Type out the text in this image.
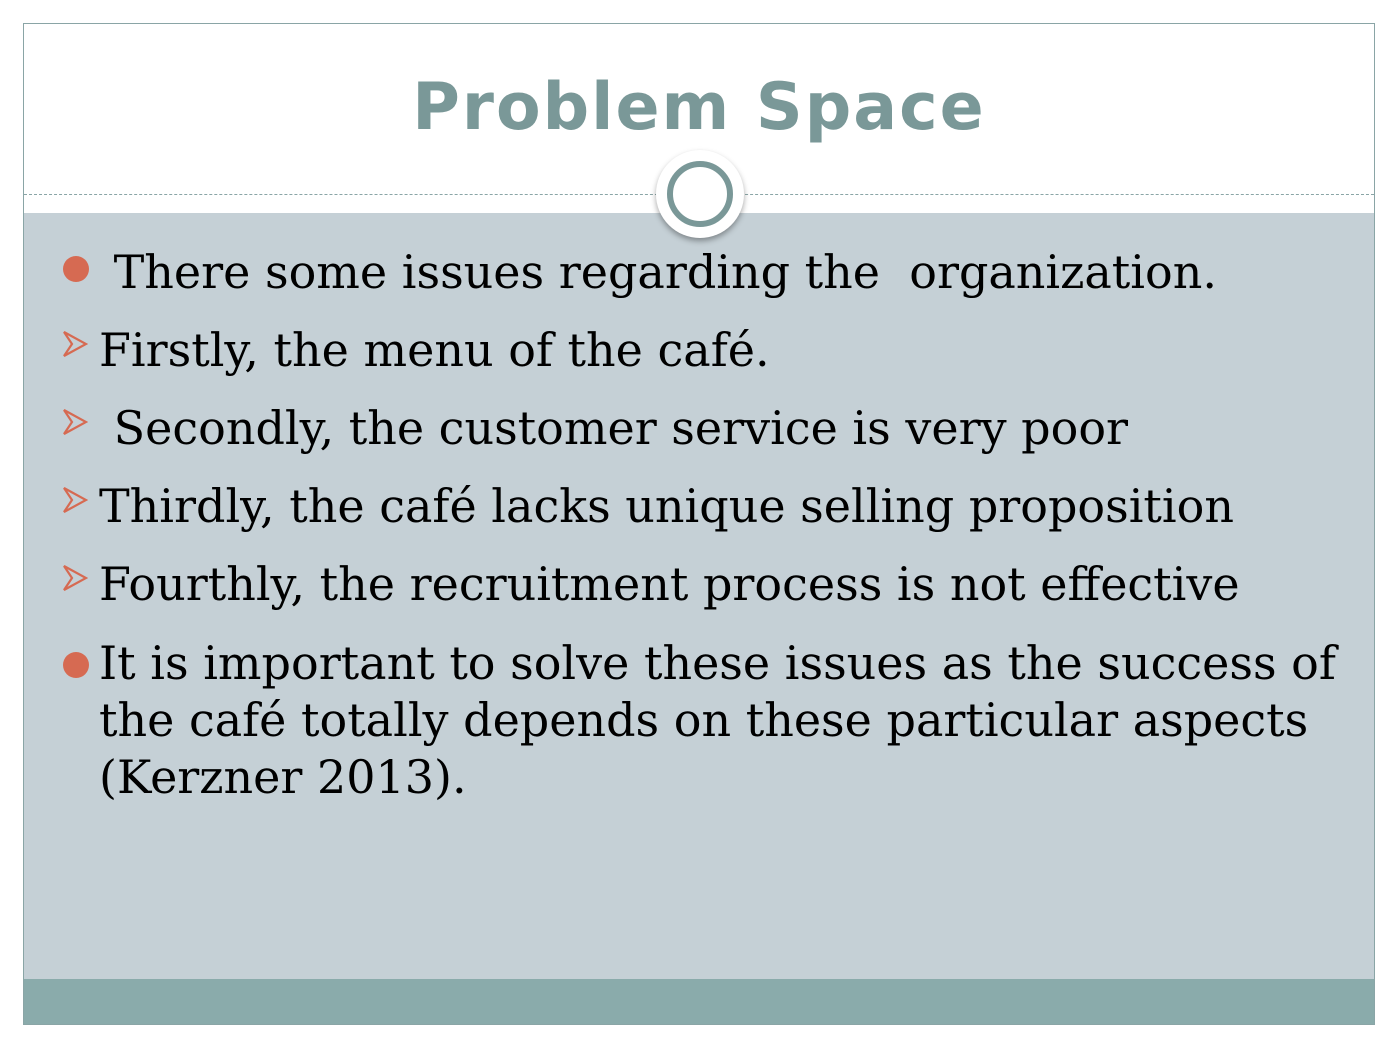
Problem Space
There some issues regarding the  organization.
Firstly, the menu of the café.
Secondly, the customer service is very poor
Thirdly, the café lacks unique selling proposition
Fourthly, the recruitment process is not effective
It is important to solve these issues as the success of the café totally depends on these particular aspects (Kerzner 2013).
